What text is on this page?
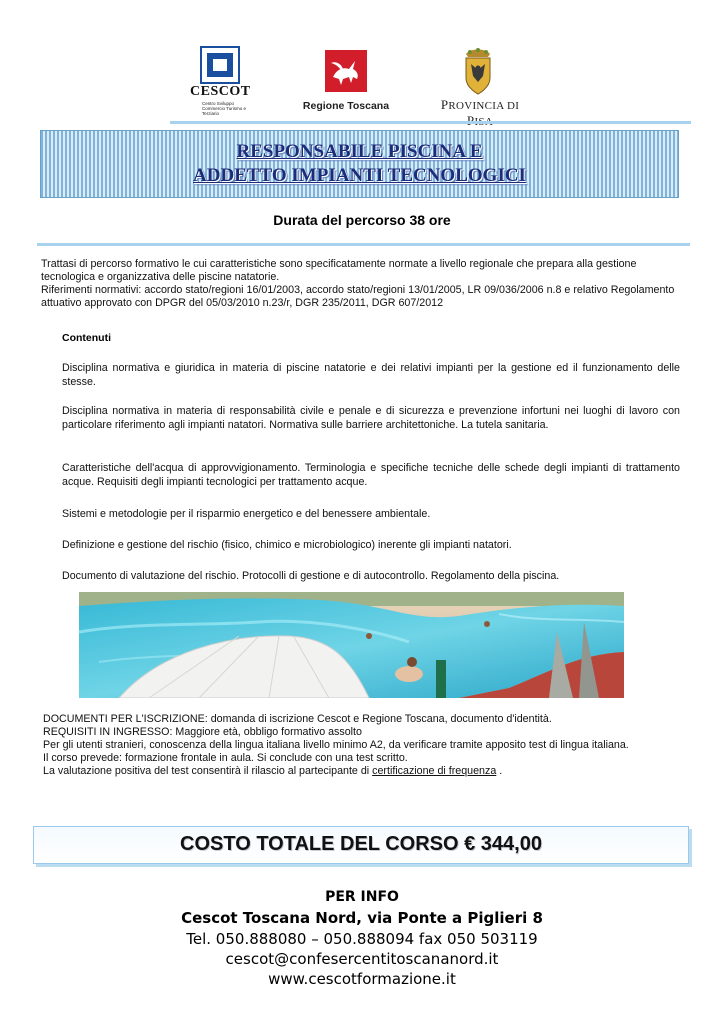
CESCOT
Centro Sviluppo Commercio Turismo e Terziario
Regione Toscana	PROVINCIA DI
RESPONSABILE PISCINA E
ADDETTO IMPIANTI TECNOLOGICI
Durata del percorso 38 ore
Trattasi di percorso formativo le cui caratteristiche sono specificatamente normate a livello regionale che prepara alla gestione tecnologica e organizzativa delle piscine natatorie.
Riferimenti normativi: accordo stato/regioni 16/01/2003, accordo stato/regioni 13/01/2005, LR 09/036/2006 n.8 e relativo Regolamento attuativo approvato con DPGR del 05/03/2010 n.23/r, DGR 235/2011, DGR 607/2012
Contenuti
Disciplina normativa e giuridica in materia di piscine natatorie e dei relativi impianti per la gestione ed il funzionamento delle stesse.
Disciplina normativa in materia di responsabilità civile e penale e di sicurezza e prevenzione infortuni nei luoghi di lavoro con particolare riferimento agli impianti natatori. Normativa sulle barriere architettoniche. La tutela sanitaria.
Caratteristiche dell'acqua di approvvigionamento. Terminologia e specifiche tecniche delle schede degli impianti di trattamento acque. Requisiti degli impianti tecnologici per trattamento acque.
Sistemi e metodologie per il risparmio energetico e del benessere ambientale.
Definizione e gestione del rischio (fisico, chimico e microbiologico) inerente gli impianti natatori.
Documento di valutazione del rischio. Protocolli di gestione e di autocontrollo. Regolamento della piscina.
DOCUMENTI PER L'ISCRIZIONE: domanda di iscrizione Cescot e Regione Toscana, documento d'identità.
REQUISITI IN INGRESSO: Maggiore età, obbligo formativo assolto
Per gli utenti stranieri, conoscenza della lingua italiana livello minimo A2, da verificare tramite apposito test di lingua italiana.
Il corso prevede: formazione frontale in aula. Si conclude con una test scritto.
La valutazione positiva del test consentirà il rilascio al partecipante di certificazione di frequenza .
COSTO TOTALE DEL CORSO € 344,00
PER INFO
Cescot Toscana Nord, via Ponte a Piglieri 8
Tel. 050.888080 – 050.888094 fax 050 503119
cescot@confesercentitoscananord.it
www.cescotformazione.it
